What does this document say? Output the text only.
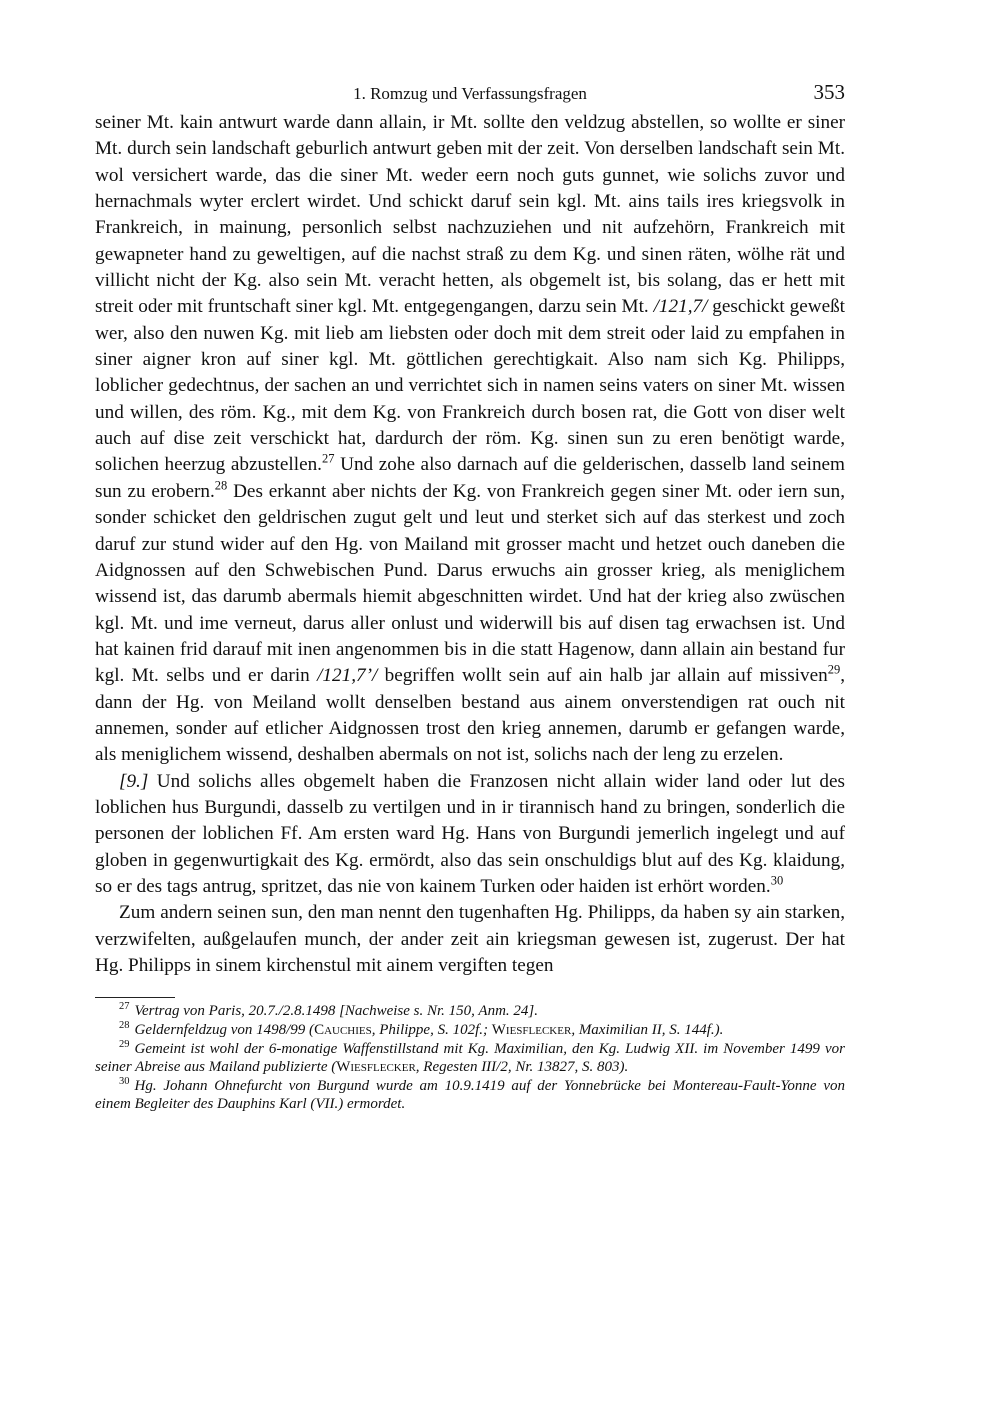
1. Romzug und Verfassungsfragen	353

seiner Mt. kain antwurt warde dann allain, ir Mt. sollte den veldzug abstellen, so wollte er siner Mt. durch sein landschaft geburlich antwurt geben mit der zeit. Von derselben landschaft sein Mt. wol versichert warde, das die siner Mt. weder eern noch guts gunnet, wie solichs zuvor und hernachmals wyter erclert wirdet. Und schickt daruf sein kgl. Mt. ains tails ires kriegsvolk in Frankreich, in mainung, personlich selbst nachzuziehen und nit aufzehörn, Frankreich mit gewapneter hand zu geweltigen, auf die nachst straß zu dem Kg. und sinen räten, wölhe rät und villicht nicht der Kg. also sein Mt. veracht hetten, als obgemelt ist, bis solang, das er hett mit streit oder mit fruntschaft siner kgl. Mt. entgegengangen, darzu sein Mt. /121,7/ geschickt geweßt wer, also den nuwen Kg. mit lieb am liebsten oder doch mit dem streit oder laid zu empfahen in siner aigner kron auf siner kgl. Mt. göttlichen gerechtigkait. Also nam sich Kg. Philipps, loblicher gedechtnus, der sachen an und verrichtet sich in namen seins vaters on siner Mt. wissen und willen, des röm. Kg., mit dem Kg. von Frankreich durch bosen rat, die Gott von diser welt auch auf dise zeit verschickt hat, dardurch der röm. Kg. sinen sun zu eren benötigt warde, solichen heerzug abzustellen.$^{27}$ Und zohe also darnach auf die gelderischen, dasselb land seinem sun zu erobern.$^{28}$ Des erkannt aber nichts der Kg. von Frankreich gegen siner Mt. oder iern sun, sonder schicket den geldrischen zugut gelt und leut und sterket sich auf das sterkest und zoch daruf zur stund wider auf den Hg. von Mailand mit grosser macht und hetzet ouch daneben die Aidgnossen auf den Schwebischen Pund. Darus erwuchs ain grosser krieg, als meniglichem wissend ist, das darumb abermals hiemit abgeschnitten wirdet. Und hat der krieg also zwüschen kgl. Mt. und ime verneut, darus aller onlust und widerwill bis auf disen tag erwachsen ist. Und hat kainen frid darauf mit inen angenommen bis in die statt Hagenow, dann allain ain bestand fur kgl. Mt. selbs und er darin /121,7’/ begriffen wollt sein auf ain halb jar allain auf missiven$^{29}$, dann der Hg. von Meiland wollt denselben bestand aus ainem onverstendigen rat ouch nit annemen, sonder auf etlicher Aidgnossen trost den krieg annemen, darumb er gefangen warde, als meniglichem wissend, deshalben abermals on not ist, solichs nach der leng zu erzelen.

[9.] Und solichs alles obgemelt haben die Franzosen nicht allain wider land oder lut des loblichen hus Burgundi, dasselb zu vertilgen und in ir tirannisch hand zu bringen, sonderlich die personen der loblichen Ff. Am ersten ward Hg. Hans von Burgundi jemerlich ingelegt und auf globen in gegenwurtigkait des Kg. ermördt, also das sein onschuldigs blut auf des Kg. klaidung, so er des tags antrug, spritzet, das nie von kainem Turken oder haiden ist erhört worden.$^{30}$

Zum andern seinen sun, den man nennt den tugenhaften Hg. Philipps, da haben sy ain starken, verzwifelten, außgelaufen munch, der ander zeit ain kriegsman gewesen ist, zugerust. Der hat Hg. Philipps in sinem kirchenstul mit ainem vergiften tegen

$^{27}$ Vertrag von Paris, 20.7./2.8.1498 [Nachweise s. Nr. 150, Anm. 24].

$^{28}$ Geldernfeldzug von 1498/99 (Cauchies, Philippe, S. 102f.; Wiesflecker, Maximilian II, S. 144f.).

$^{29}$ Gemeint ist wohl der 6-monatige Waffenstillstand mit Kg. Maximilian, den Kg. Ludwig XII. im November 1499 vor seiner Abreise aus Mailand publizierte (Wiesflecker, Regesten III/2, Nr. 13827, S. 803).

$^{30}$ Hg. Johann Ohnefurcht von Burgund wurde am 10.9.1419 auf der Yonnebrücke bei Montereau-Fault-Yonne von einem Begleiter des Dauphins Karl (VII.) ermordet.
